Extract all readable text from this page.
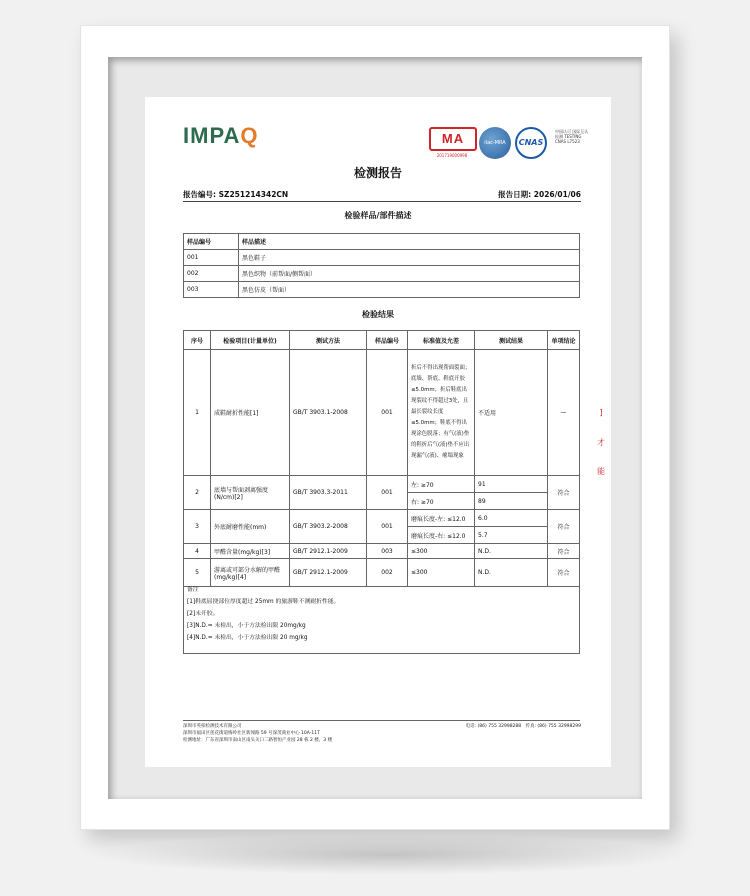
IMPAQ	MA
201719000998
ilac-MRA	CNAS
中国认可 国际互认 检测 TESTING CNAS L7523
检测报告
报告编号: SZ251214342CN	报告日期: 2026/01/06
检验样品/部件描述
样品编号	样品描述
001	黑色鞋子
002	黑色织物（前帮面/侧帮面）
003	黑色仿皮（帮面）
检验结果
序号	检验项目(计量单位)	测试方法	样品编号	标准值及允差	测试结果	单项结论
1	成鞋耐折性能[1]	GB/T 3903.1-2008	001	折后不得出现帮面裂面；底墙、帮底、鞋底开胶≤5.0mm；折后鞋底出现裂纹不得超过3处，且最长裂纹长度≤5.0mm；鞋底不得出现涂色脱落；有气(液)垫的鞋折后气(液)垫不应出现漏气(液)、瘪塌现象	不适用	—
2	底墙与帮面剥离强度(N/cm)[2]	GB/T 3903.3-2011	001	左: ≥70	91	符合
				右: ≥70	89	
3	外底耐磨性能(mm)	GB/T 3903.2-2008	001	磨痕长度-左: ≤12.0	6.0	符合
				磨痕长度-右: ≤12.0	5.7	
4	甲醛含量(mg/kg)[3]	GB/T 2912.1-2009	003	≤300	N.D.	符合
5	游离或可部分水解的甲醛(mg/kg)[4]	GB/T 2912.1-2009	002	≤300	N.D.	符合
备注
[1]鞋底屈挠部位厚度超过 25mm 的旅游鞋不测耐折性能。
[2]未开胶。
[3]N.D.= 未检出，小于方法检出限 20mg/kg
[4]N.D.= 未检出，小于方法检出限 20 mg/kg
深圳市英柏检测技术有限公司
深圳市福田区莲花街道梅岭社区新闻路 59 号深茂商业中心 10A-11T
检测地址：广东省深圳市南山区南头关口二路智恒产业园 28 栋 2 楼、3 楼
电话: (86) 755 32998288 传真: (86) 755 32998299
]
才
能
